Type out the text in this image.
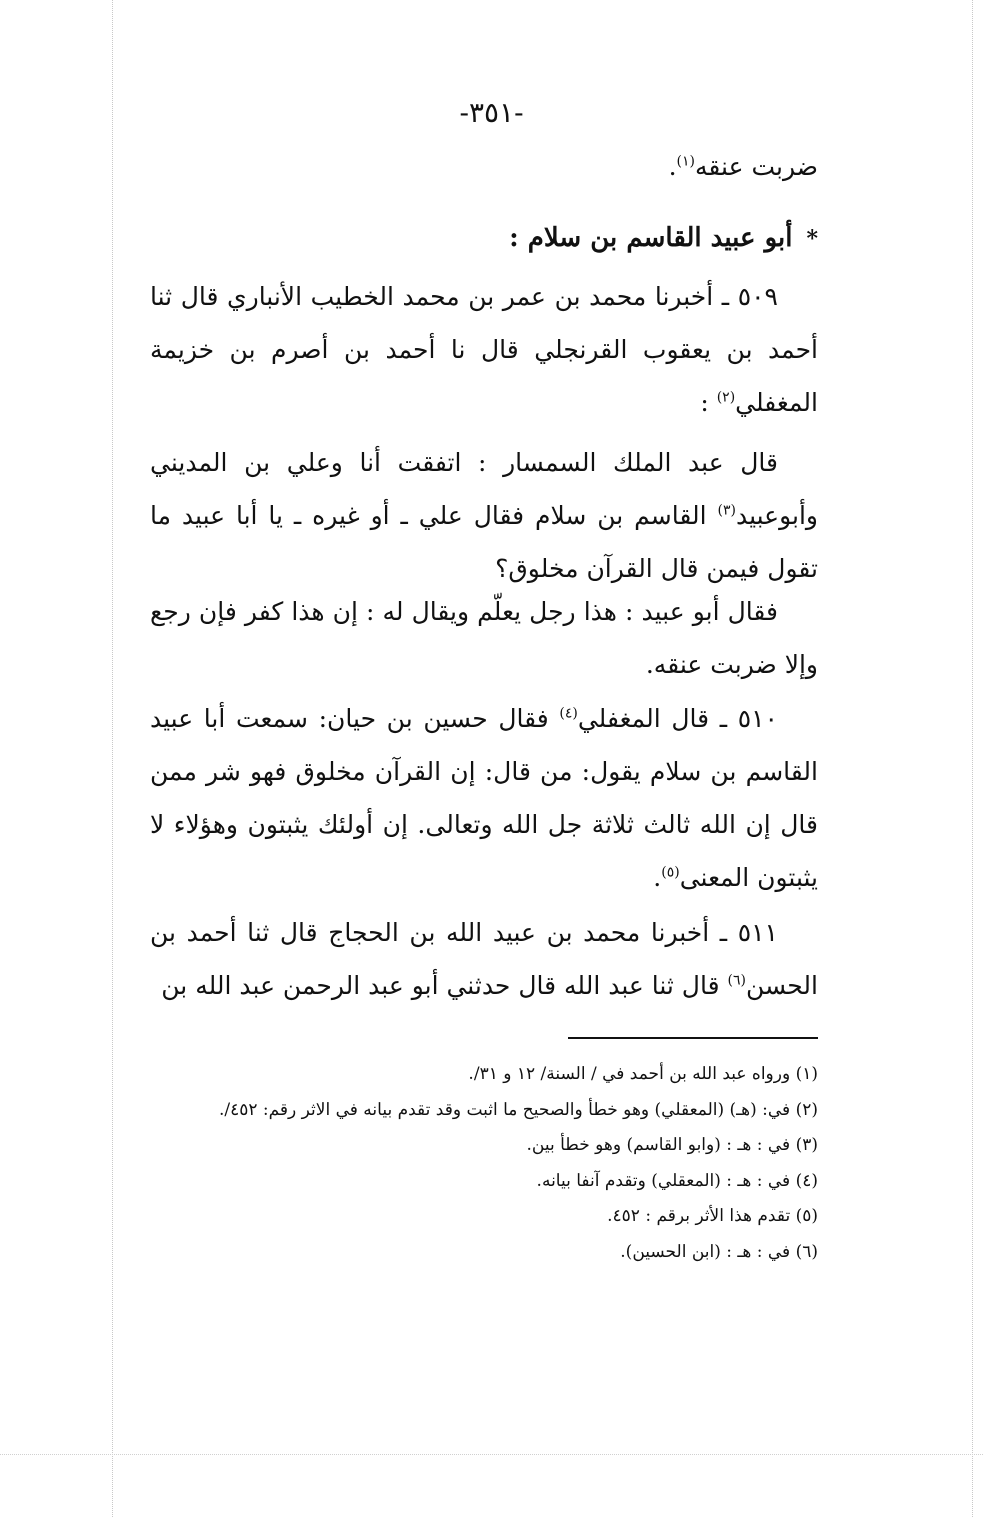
-٣٥١-
ضربت عنقه$^{(١)}$.
*أبو عبيد القاسم بن سلام :
٥٠٩ ـ أخبرنا محمد بن عمر بن محمد الخطيب الأنباري قال ثنا أحمد بن يعقوب القرنجلي قال نا أحمد بن أصرم بن خزيمة المغفلي$^{(٢)}$ :
قال عبد الملك السمسار : اتفقت أنا وعلي بن المديني وأبوعبيد$^{(٣)}$ القاسم بن سلام فقال علي ـ أو غيره ـ يا أبا عبيد ما تقول فيمن قال القرآن مخلوق؟
فقال أبو عبيد : هذا رجل يعلّم ويقال له : إن هذا كفر فإن رجع وإلا ضربت عنقه.
٥١٠ ـ قال المغفلي$^{(٤)}$ فقال حسين بن حيان: سمعت أبا عبيد القاسم بن سلام يقول: من قال: إن القرآن مخلوق فهو شر ممن قال إن الله ثالث ثلاثة جل الله وتعالى. إن أولئك يثبتون وهؤلاء لا يثبتون المعنى$^{(٥)}$.
٥١١ ـ أخبرنا محمد بن عبيد الله بن الحجاج قال ثنا أحمد بن الحسن$^{(٦)}$ قال ثنا عبد الله قال حدثني أبو عبد الرحمن عبد الله بن
(١) ورواه عبد الله بن أحمد في / السنة/ ١٢ و ٣١/.
(٢) في: (هـ) (المعقلي) وهو خطأ والصحيح ما اثبت وقد تقدم بيانه في الاثر رقم: ٤٥٢/.
(٣) في : هـ : (وابو القاسم) وهو خطأ بين.
(٤) في : هـ : (المعقلي) وتقدم آنفا بيانه.
(٥) تقدم هذا الأثر برقم : ٤٥٢.
(٦) في : هـ : (ابن الحسين).
